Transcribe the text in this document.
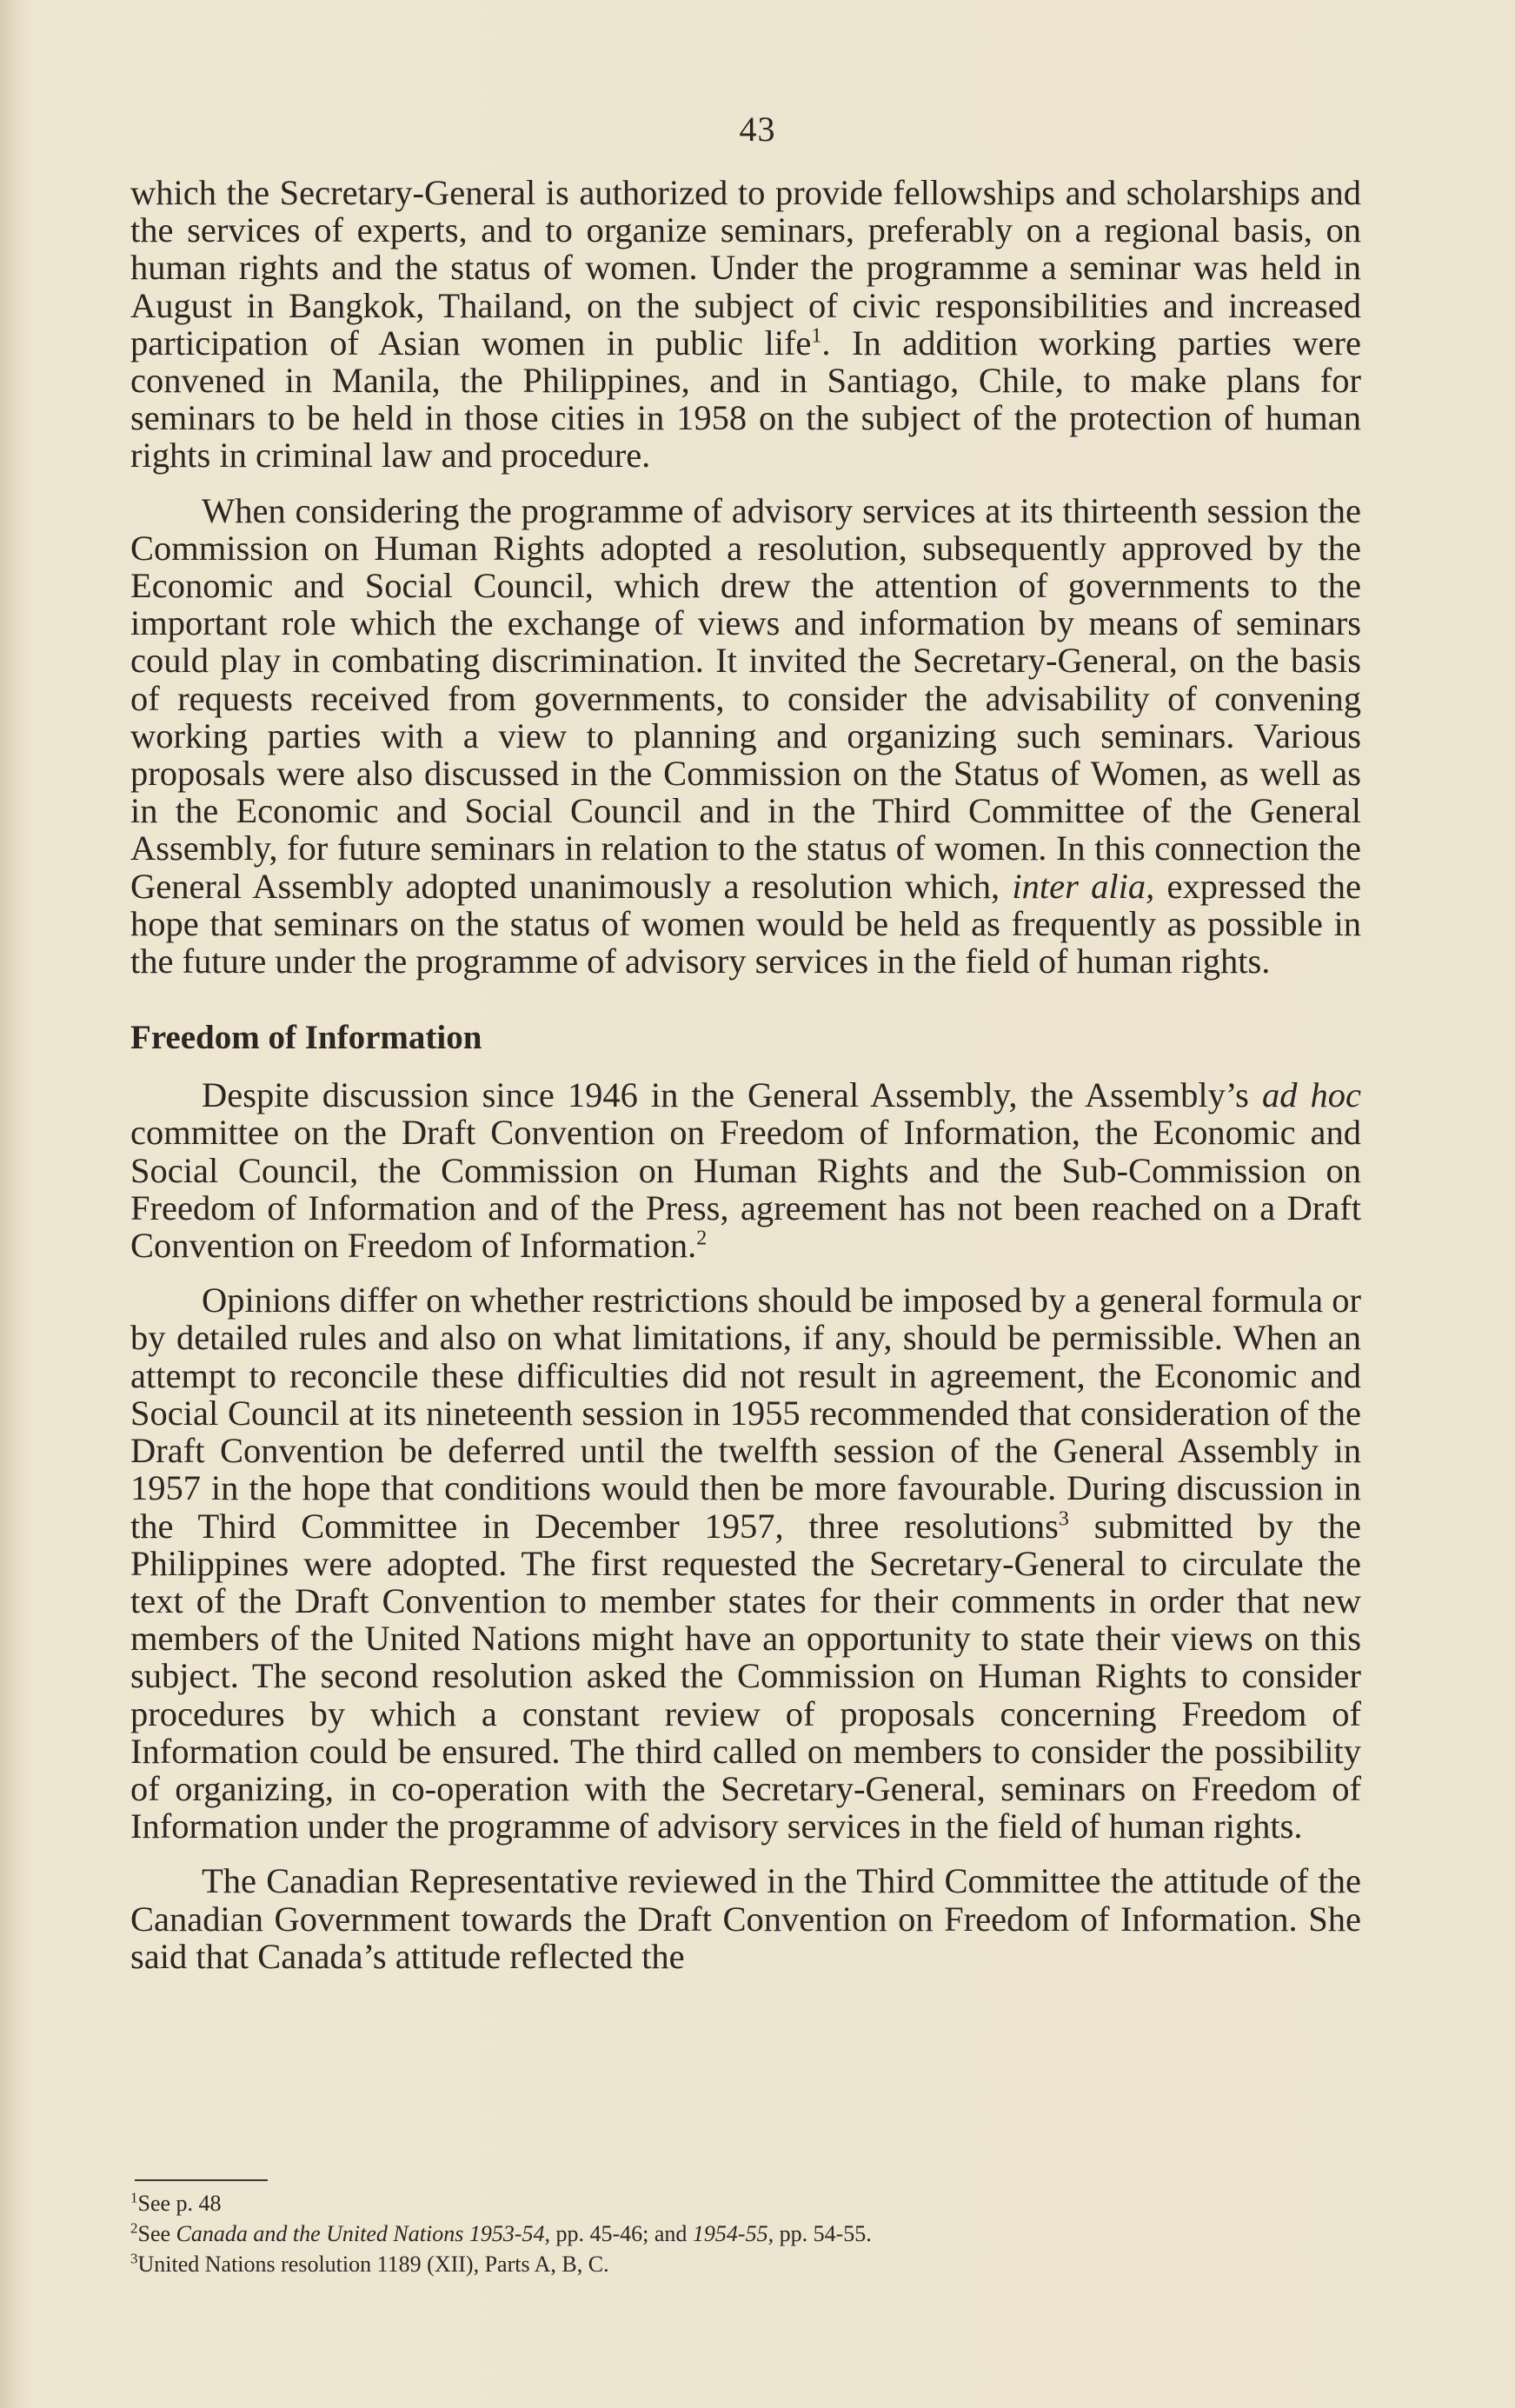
43

which the Secretary-General is authorized to provide fellowships and scholarships and the services of experts, and to organize seminars, preferably on a regional basis, on human rights and the status of women. Under the programme a seminar was held in August in Bangkok, Thailand, on the subject of civic responsibilities and increased participation of Asian women in public life$^1$. In addition working parties were convened in Manila, the Philippines, and in Santiago, Chile, to make plans for seminars to be held in those cities in 1958 on the subject of the protection of human rights in criminal law and procedure.

When considering the programme of advisory services at its thirteenth session the Commission on Human Rights adopted a resolution, subsequently approved by the Economic and Social Council, which drew the attention of governments to the important role which the exchange of views and information by means of seminars could play in combating discrimination. It invited the Secretary-General, on the basis of requests received from governments, to consider the advisability of convening working parties with a view to planning and organizing such seminars. Various proposals were also discussed in the Commission on the Status of Women, as well as in the Economic and Social Council and in the Third Committee of the General Assembly, for future seminars in relation to the status of women. In this connection the General Assembly adopted unanimously a resolution which, inter alia, expressed the hope that seminars on the status of women would be held as frequently as possible in the future under the programme of advisory services in the field of human rights.

Freedom of Information

Despite discussion since 1946 in the General Assembly, the Assembly’s ad hoc committee on the Draft Convention on Freedom of Information, the Economic and Social Council, the Commission on Human Rights and the Sub-Commission on Freedom of Information and of the Press, agreement has not been reached on a Draft Convention on Freedom of Information.$^2$

Opinions differ on whether restrictions should be imposed by a general formula or by detailed rules and also on what limitations, if any, should be permissible. When an attempt to reconcile these difficulties did not result in agreement, the Economic and Social Council at its nineteenth session in 1955 recommended that consideration of the Draft Convention be deferred until the twelfth session of the General Assembly in 1957 in the hope that conditions would then be more favourable. During discussion in the Third Committee in December 1957, three resolutions$^3$ submitted by the Philippines were adopted. The first requested the Secretary-General to circulate the text of the Draft Convention to member states for their comments in order that new members of the United Nations might have an opportunity to state their views on this subject. The second resolution asked the Commission on Human Rights to consider procedures by which a constant review of proposals concerning Freedom of Information could be ensured. The third called on members to consider the possibility of organizing, in co-operation with the Secretary-General, seminars on Freedom of Information under the programme of advisory services in the field of human rights.

The Canadian Representative reviewed in the Third Committee the attitude of the Canadian Government towards the Draft Convention on Freedom of Information. She said that Canada’s attitude reflected the

$^1$See p. 48

$^2$See Canada and the United Nations 1953-54, pp. 45-46; and 1954-55, pp. 54-55.

$^3$United Nations resolution 1189 (XII), Parts A, B, C.
